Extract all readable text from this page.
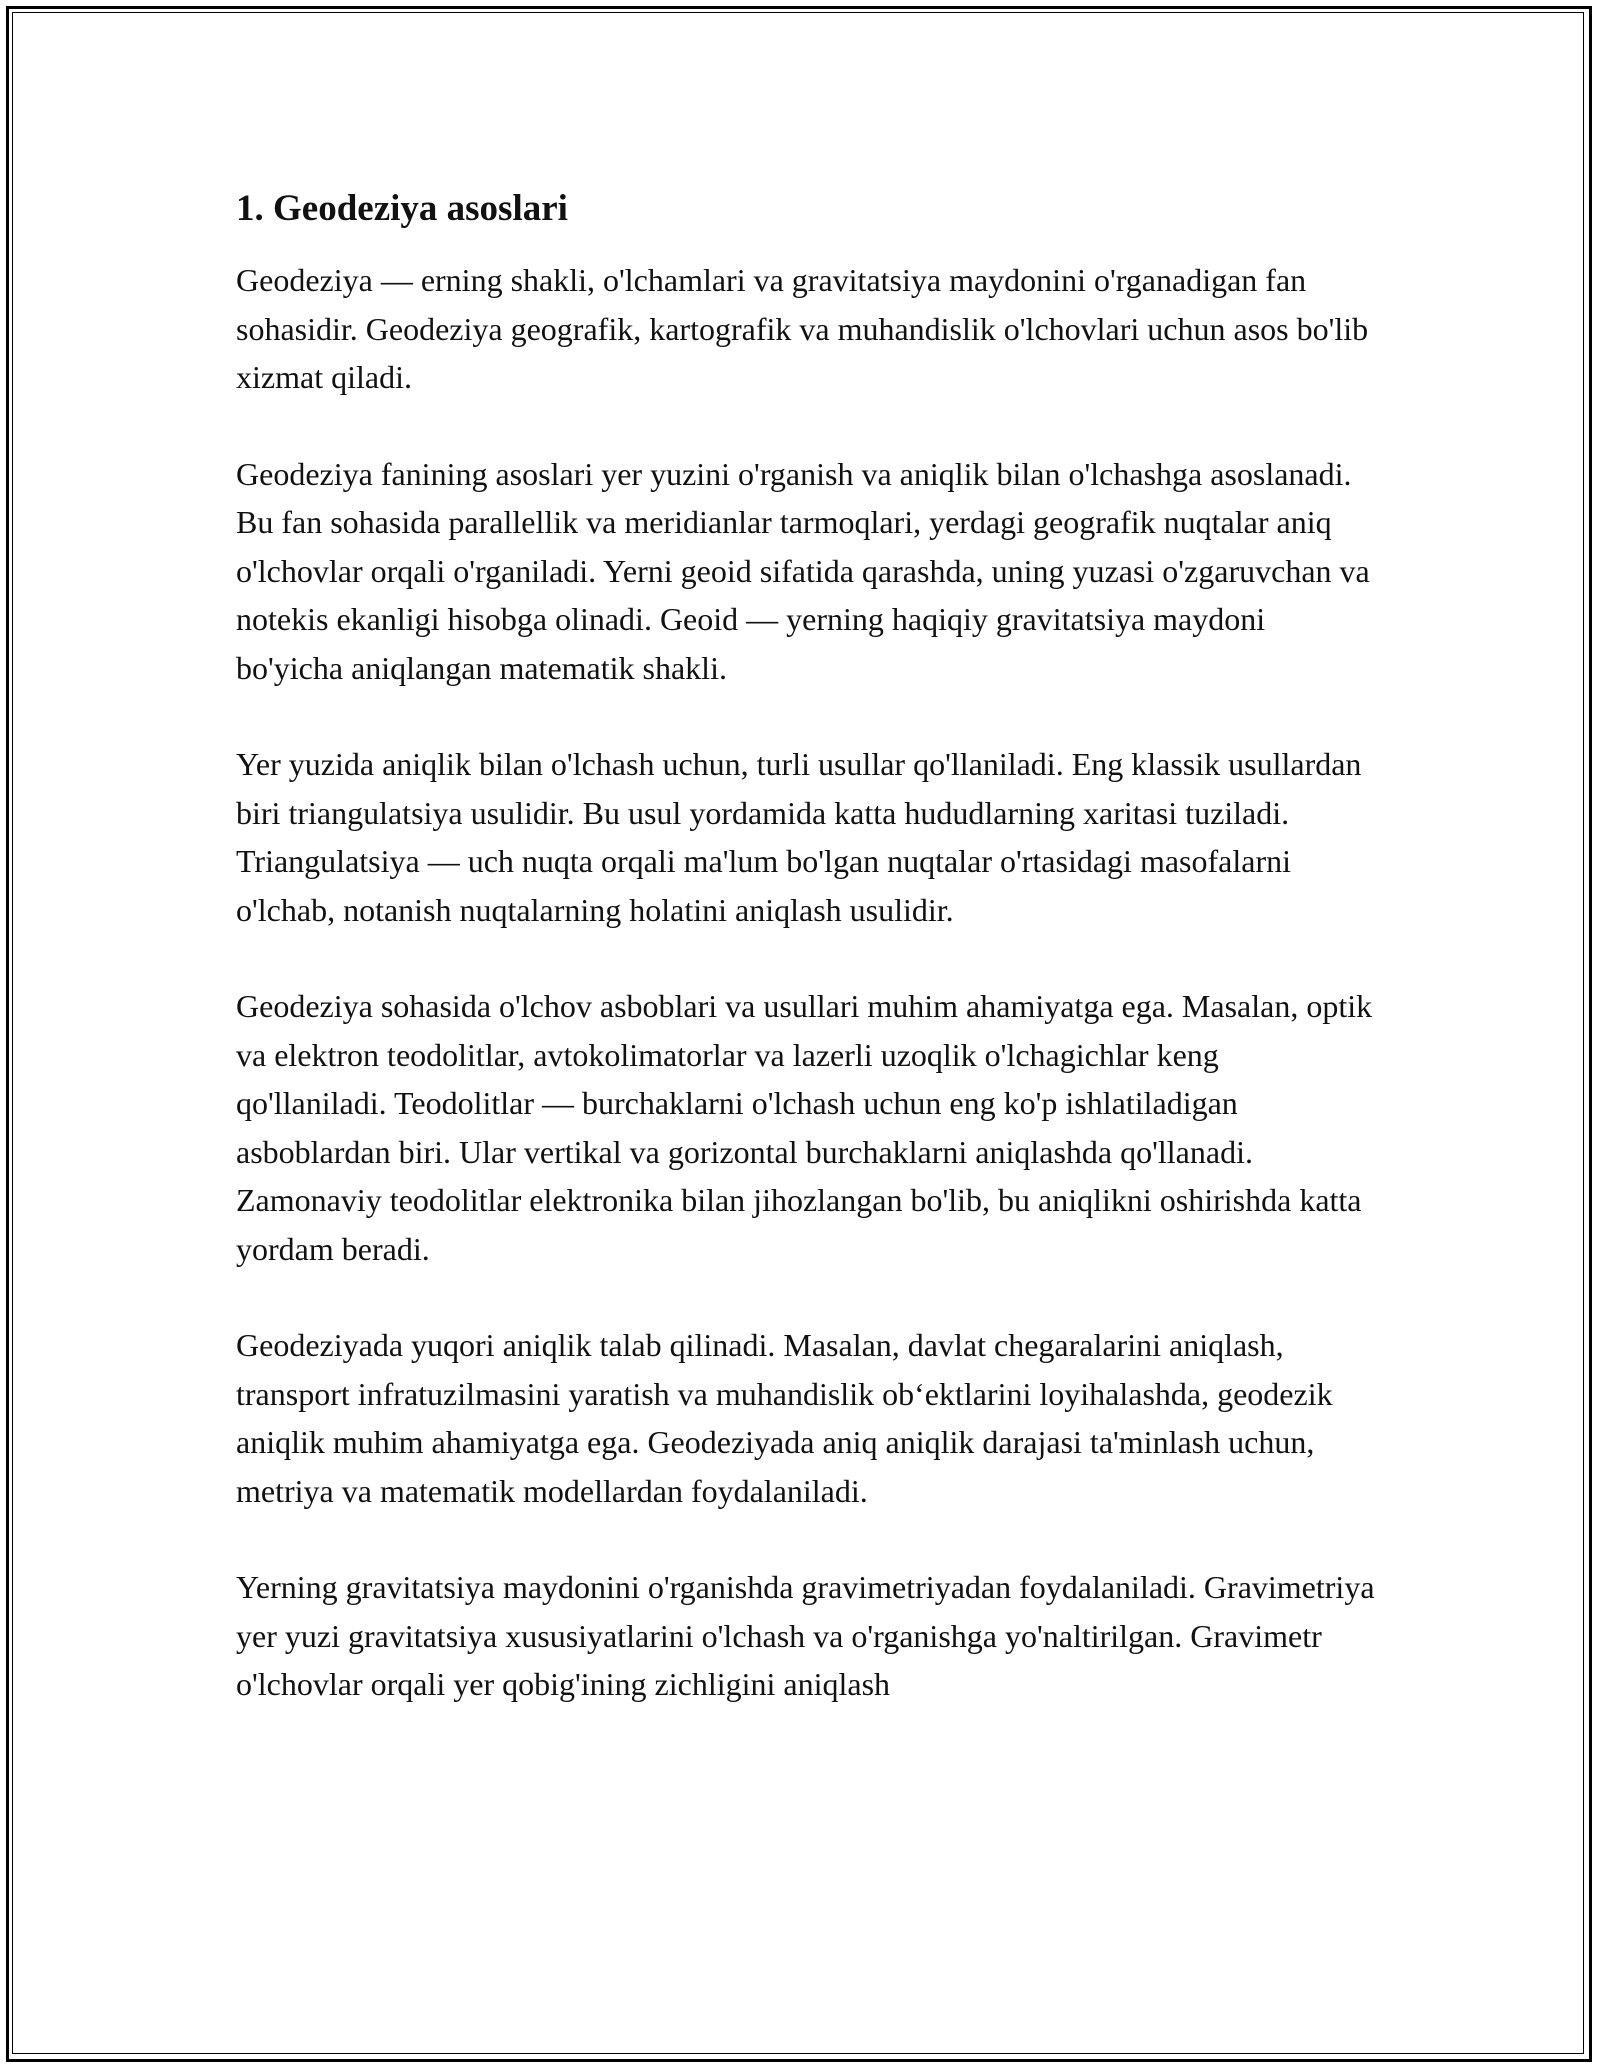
1. Geodeziya asoslari

Geodeziya — erning shakli, o'lchamlari va gravitatsiya maydonini o'rganadigan fan sohasidir. Geodeziya geografik, kartografik va muhandislik o'lchovlari uchun asos bo'lib xizmat qiladi.

Geodeziya fanining asoslari yer yuzini o'rganish va aniqlik bilan o'lchashga asoslanadi. Bu fan sohasida parallellik va meridianlar tarmoqlari, yerdagi geografik nuqtalar aniq o'lchovlar orqali o'rganiladi. Yerni geoid sifatida qarashda, uning yuzasi o'zgaruvchan va notekis ekanligi hisobga olinadi. Geoid — yerning haqiqiy gravitatsiya maydoni bo'yicha aniqlangan matematik shakli.

Yer yuzida aniqlik bilan o'lchash uchun, turli usullar qo'llaniladi. Eng klassik usullardan biri triangulatsiya usulidir. Bu usul yordamida katta hududlarning xaritasi tuziladi. Triangulatsiya — uch nuqta orqali ma'lum bo'lgan nuqtalar o'rtasidagi masofalarni o'lchab, notanish nuqtalarning holatini aniqlash usulidir.

Geodeziya sohasida o'lchov asboblari va usullari muhim ahamiyatga ega. Masalan, optik va elektron teodolitlar, avtokolimatorlar va lazerli uzoqlik o'lchagichlar keng qo'llaniladi. Teodolitlar — burchaklarni o'lchash uchun eng ko'p ishlatiladigan asboblardan biri. Ular vertikal va gorizontal burchaklarni aniqlashda qo'llanadi. Zamonaviy teodolitlar elektronika bilan jihozlangan bo'lib, bu aniqlikni oshirishda katta yordam beradi.

Geodeziyada yuqori aniqlik talab qilinadi. Masalan, davlat chegaralarini aniqlash, transport infratuzilmasini yaratish va muhandislik ob‘ektlarini loyihalashda, geodezik aniqlik muhim ahamiyatga ega. Geodeziyada aniq aniqlik darajasi ta'minlash uchun, metriya va matematik modellardan foydalaniladi.

Yerning gravitatsiya maydonini o'rganishda gravimetriyadan foydalaniladi. Gravimetriya yer yuzi gravitatsiya xususiyatlarini o'lchash va o'rganishga yo'naltirilgan. Gravimetr o'lchovlar orqali yer qobig'ining zichligini aniqlash
